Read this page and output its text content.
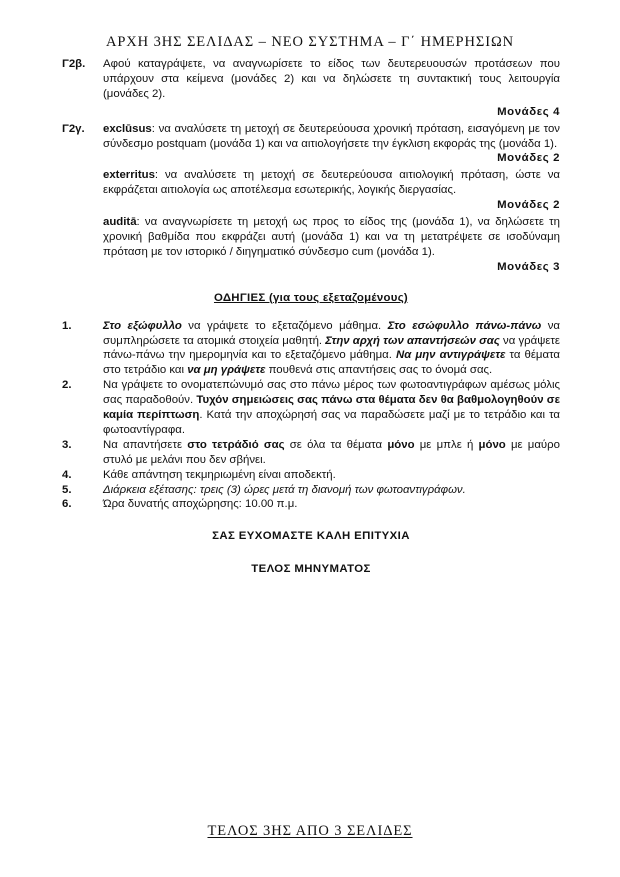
ΑΡΧΗ 3ΗΣ ΣΕΛΙΔΑΣ – ΝΕΟ ΣΥΣΤΗΜΑ – Γ΄ ΗΜΕΡΗΣΙΩΝ
Γ2β. Αφού καταγράψετε, να αναγνωρίσετε το είδος των δευτερευουσών προτάσεων που υπάρχουν στα κείμενα (μονάδες 2) και να δηλώσετε τη συντακτική τους λειτουργία (μονάδες 2).
Μονάδες 4
Γ2γ. exclūsus: να αναλύσετε τη μετοχή σε δευτερεύουσα χρονική πρόταση, εισαγόμενη με τον σύνδεσμο postquam (μονάδα 1) και να αιτιολογήσετε την έγκλιση εκφοράς της (μονάδα 1).
Μονάδες 2
exterritus: να αναλύσετε τη μετοχή σε δευτερεύουσα αιτιολογική πρόταση, ώστε να εκφράζεται αιτιολογία ως αποτέλεσμα εσωτερικής, λογικής διεργασίας.
Μονάδες 2
auditā: να αναγνωρίσετε τη μετοχή ως προς το είδος της (μονάδα 1), να δηλώσετε τη χρονική βαθμίδα που εκφράζει αυτή (μονάδα 1) και να τη μετατρέψετε σε ισοδύναμη πρόταση με τον ιστορικό / διηγηματικό σύνδεσμο cum (μονάδα 1).
Μονάδες 3
ΟΔΗΓΙΕΣ (για τους εξεταζομένους)
1.	Στο εξώφυλλο να γράψετε το εξεταζόμενο μάθημα. Στο εσώφυλλο πάνω-πάνω να συμπληρώσετε τα ατομικά στοιχεία μαθητή. Στην αρχή των απαντήσεών σας να γράψετε πάνω-πάνω την ημερομηνία και το εξεταζόμενο μάθημα. Να μην αντιγράψετε τα θέματα στο τετράδιο και να μη γράψετε πουθενά στις απαντήσεις σας το όνομά σας.
2.	Να γράψετε το ονοματεπώνυμό σας στο πάνω μέρος των φωτοαντιγράφων αμέσως μόλις σας παραδοθούν. Τυχόν σημειώσεις σας πάνω στα θέματα δεν θα βαθμολογηθούν σε καμία περίπτωση. Κατά την αποχώρησή σας να παραδώσετε μαζί με το τετράδιο και τα φωτοαντίγραφα.
3.	Να απαντήσετε στο τετράδιό σας σε όλα τα θέματα μόνο με μπλε ή μόνο με μαύρο στυλό με μελάνι που δεν σβήνει.
4.	Κάθε απάντηση τεκμηριωμένη είναι αποδεκτή.
5.	Διάρκεια εξέτασης: τρεις (3) ώρες μετά τη διανομή των φωτοαντιγράφων.
6.	Ώρα δυνατής αποχώρησης: 10.00 π.μ.
ΣΑΣ ΕΥΧΟΜΑΣΤΕ ΚΑΛΗ ΕΠΙΤΥΧΙΑ
ΤΕΛΟΣ ΜΗΝΥΜΑΤΟΣ
ΤΕΛΟΣ 3ΗΣ ΑΠΟ 3 ΣΕΛΙΔΕΣ
